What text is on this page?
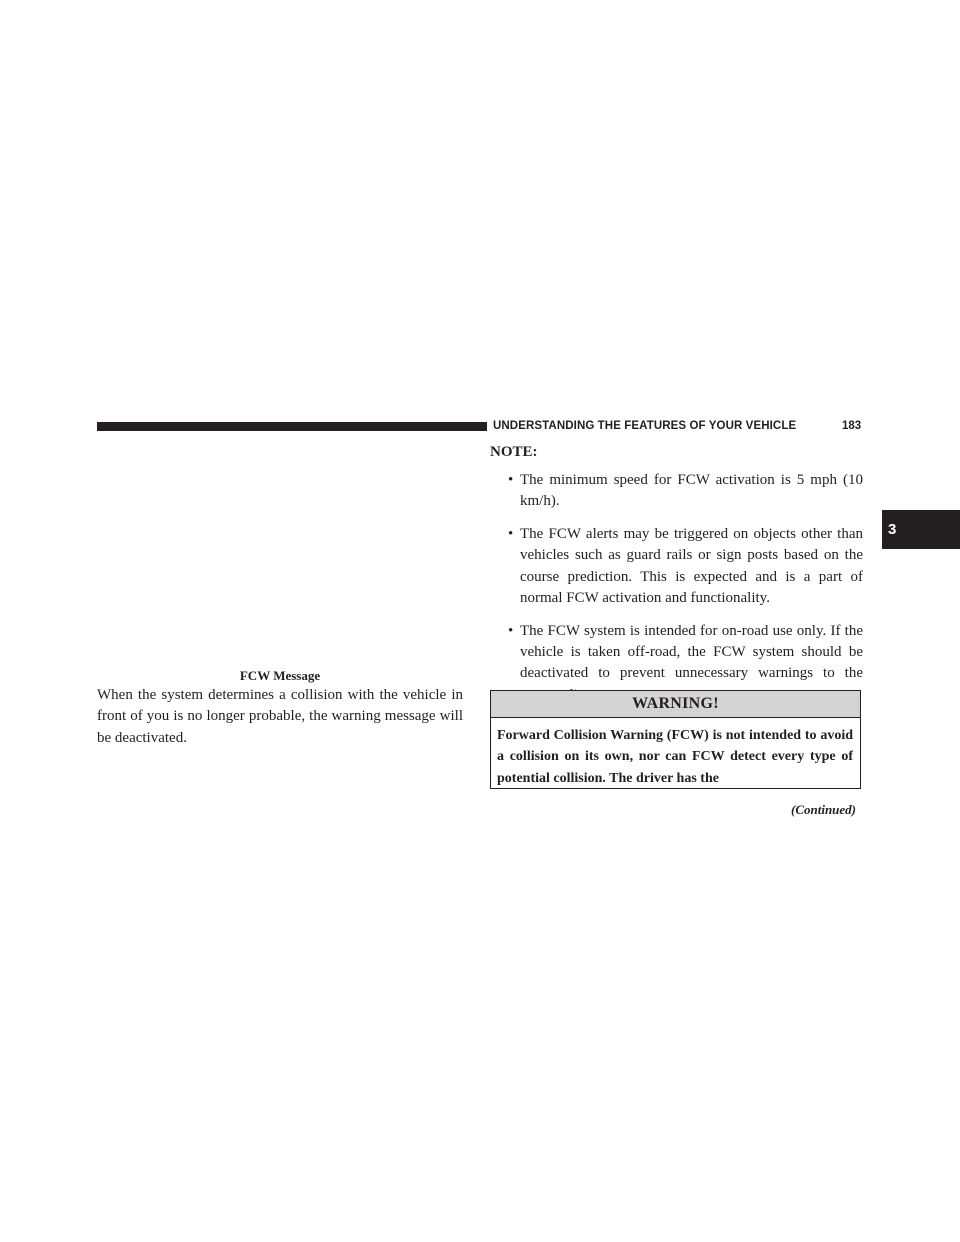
UNDERSTANDING THE FEATURES OF YOUR VEHICLE	183
3
FCW Message
When the system determines a collision with the vehicle in front of you is no longer probable, the warning message will be deactivated.
NOTE:
• The minimum speed for FCW activation is 5 mph (10 km/h).
• The FCW alerts may be triggered on objects other than vehicles such as guard rails or sign posts based on the course prediction. This is expected and is a part of normal FCW activation and functionality.
• The FCW system is intended for on-road use only. If the vehicle is taken off-road, the FCW system should be deactivated to prevent unnecessary warnings to the
WARNING!
Forward Collision Warning (FCW) is not intended to avoid a collision on its own, nor can FCW detect every type of potential collision. The driver has the
(Continued)
